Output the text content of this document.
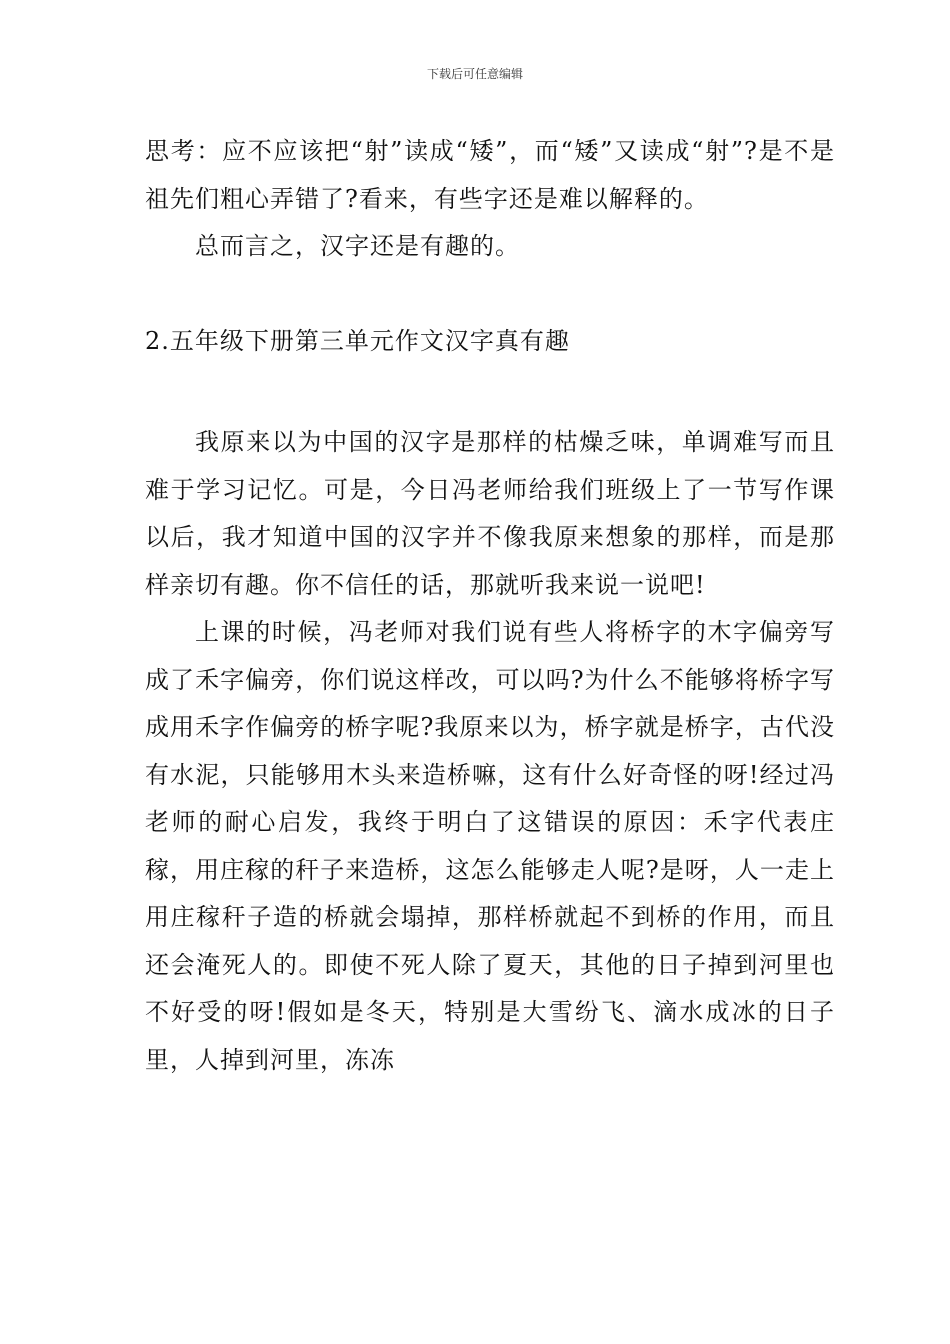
下载后可任意编辑

思考：应不应该把“射”读成“矮”，而“矮”又读成“射”?是不是祖先们粗心弄错了?看来，有些字还是难以解释的。

总而言之，汉字还是有趣的。

2.五年级下册第三单元作文汉字真有趣

我原来以为中国的汉字是那样的枯燥乏味，单调难写而且难于学习记忆。可是，今日冯老师给我们班级上了一节写作课以后，我才知道中国的汉字并不像我原来想象的那样，而是那样亲切有趣。你不信任的话，那就听我来说一说吧!

上课的时候，冯老师对我们说有些人将桥字的木字偏旁写成了禾字偏旁，你们说这样改，可以吗?为什么不能够将桥字写成用禾字作偏旁的桥字呢?我原来以为，桥字就是桥字，古代没有水泥，只能够用木头来造桥嘛，这有什么好奇怪的呀!经过冯老师的耐心启发，我终于明白了这错误的原因：禾字代表庄稼，用庄稼的秆子来造桥，这怎么能够走人呢?是呀，人一走上用庄稼秆子造的桥就会塌掉，那样桥就起不到桥的作用，而且还会淹死人的。即使不死人除了夏天，其他的日子掉到河里也不好受的呀!假如是冬天，特别是大雪纷飞、滴水成冰的日子里，人掉到河里，冻冻
